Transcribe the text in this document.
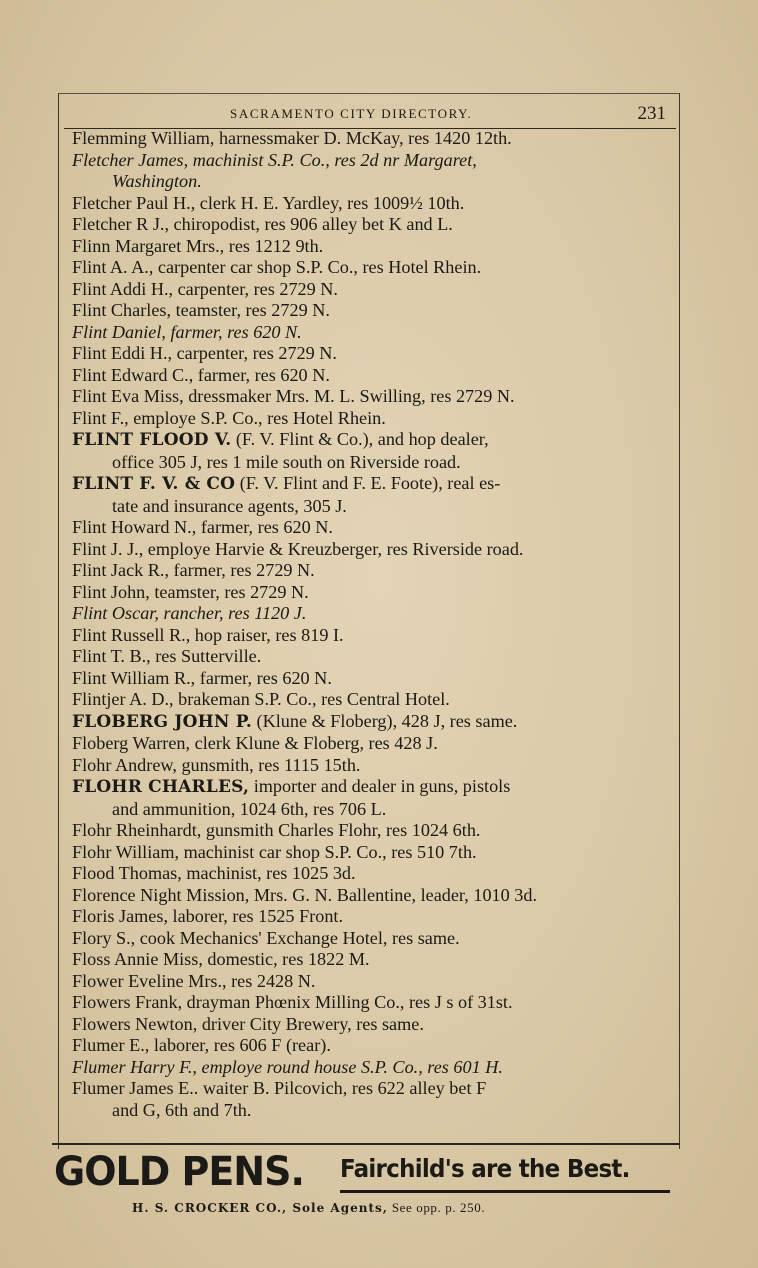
SACRAMENTO CITY DIRECTORY.	231
Flemming William, harnessmaker D. McKay, res 1420 12th.
Fletcher James, machinist S.P. Co., res 2d nr Margaret,
Washington.
Fletcher Paul H., clerk H. E. Yardley, res 1009½ 10th.
Fletcher R J., chiropodist, res 906 alley bet K and L.
Flinn Margaret Mrs., res 1212 9th.
Flint A. A., carpenter car shop S.P. Co., res Hotel Rhein.
Flint Addi H., carpenter, res 2729 N.
Flint Charles, teamster, res 2729 N.
Flint Daniel, farmer, res 620 N.
Flint Eddi H., carpenter, res 2729 N.
Flint Edward C., farmer, res 620 N.
Flint Eva Miss, dressmaker Mrs. M. L. Swilling, res 2729 N.
Flint F., employe S.P. Co., res Hotel Rhein.
FLINT FLOOD V. (F. V. Flint & Co.), and hop dealer,
office 305 J, res 1 mile south on Riverside road.
FLINT F. V. & CO (F. V. Flint and F. E. Foote), real es-
tate and insurance agents, 305 J.
Flint Howard N., farmer, res 620 N.
Flint J. J., employe Harvie & Kreuzberger, res Riverside road.
Flint Jack R., farmer, res 2729 N.
Flint John, teamster, res 2729 N.
Flint Oscar, rancher, res 1120 J.
Flint Russell R., hop raiser, res 819 I.
Flint T. B., res Sutterville.
Flint William R., farmer, res 620 N.
Flintjer A. D., brakeman S.P. Co., res Central Hotel.
FLOBERG JOHN P. (Klune & Floberg), 428 J, res same.
Floberg Warren, clerk Klune & Floberg, res 428 J.
Flohr Andrew, gunsmith, res 1115 15th.
FLOHR CHARLES, importer and dealer in guns, pistols
and ammunition, 1024 6th, res 706 L.
Flohr Rheinhardt, gunsmith Charles Flohr, res 1024 6th.
Flohr William, machinist car shop S.P. Co., res 510 7th.
Flood Thomas, machinist, res 1025 3d.
Florence Night Mission, Mrs. G. N. Ballentine, leader, 1010 3d.
Floris James, laborer, res 1525 Front.
Flory S., cook Mechanics' Exchange Hotel, res same.
Floss Annie Miss, domestic, res 1822 M.
Flower Eveline Mrs., res 2428 N.
Flowers Frank, drayman Phœnix Milling Co., res J s of 31st.
Flowers Newton, driver City Brewery, res same.
Flumer E., laborer, res 606 F (rear).
Flumer Harry F., employe round house S.P. Co., res 601 H.
Flumer James E.. waiter B. Pilcovich, res 622 alley bet F
and G, 6th and 7th.
GOLD PENS. Fairchild's are the Best.
H. S. CROCKER CO., Sole Agents, See opp. p. 250.
